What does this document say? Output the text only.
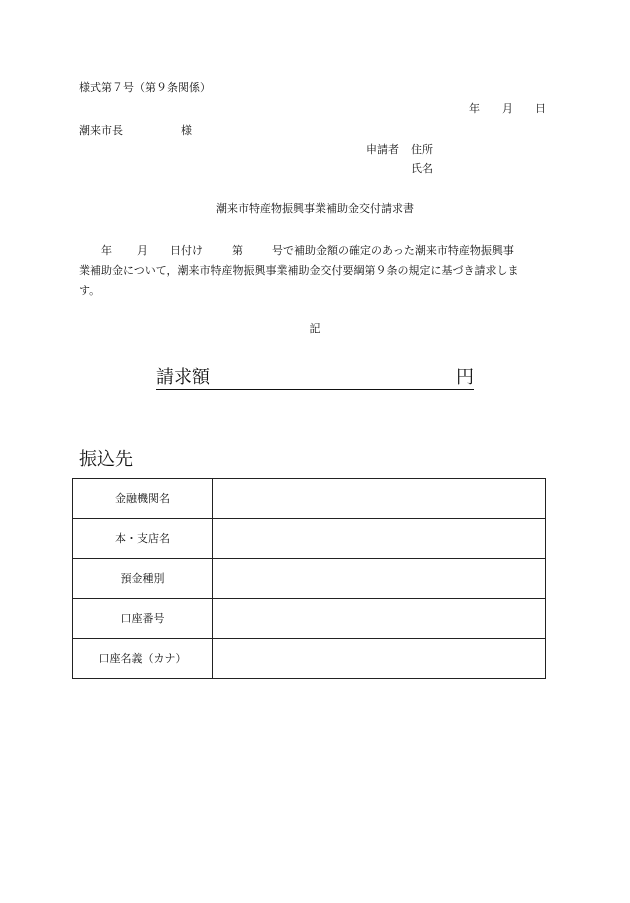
様式第７号（第９条関係）
年 月 日
潮来市長	様
申請者 住所
氏名
潮来市特産物振興事業補助金交付請求書
年 月 日付け	第	号で補助金額の確定のあった潮来市特産物振興事
業補助金について，潮来市特産物振興事業補助金交付要綱第９条の規定に基づき請求しま
す。
記
請求額	円
振込先
金融機関名	
本・支店名	
預金種別	
口座番号	
口座名義（カナ）	
